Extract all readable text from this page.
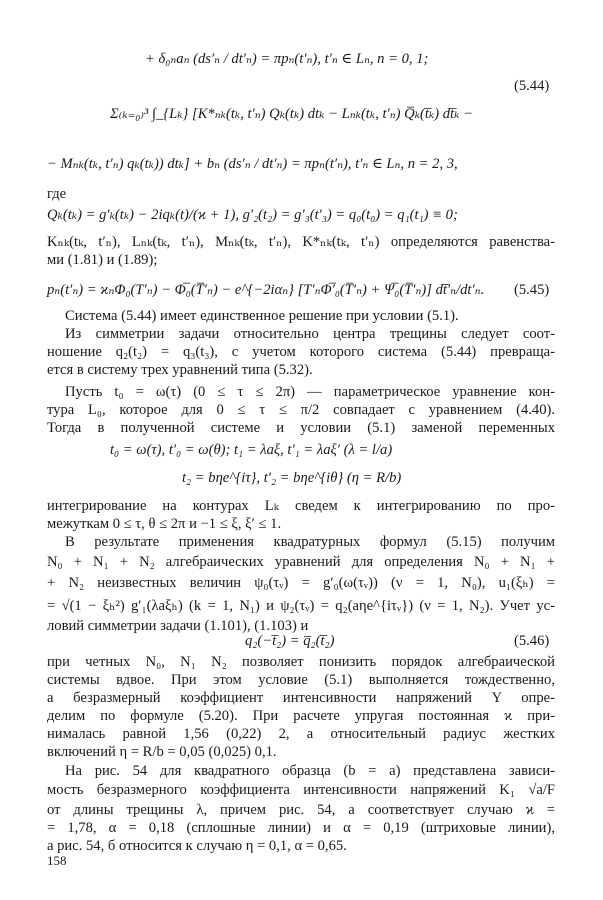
+ δ₀ₙaₙ (ds′ₙ / dt′ₙ) = πpₙ(t′ₙ), t′ₙ ∈ Lₙ, n = 0, 1;
(5.44)
Σ₍ₖ₌₀₎³ ∫_{Lₖ} [K*ₙₖ(tₖ, t′ₙ) Qₖ(tₖ) dtₖ − Lₙₖ(tₖ, t′ₙ) Q̅ₖ(t̅ₖ) dt̅ₖ −
− Mₙₖ(tₖ, t′ₙ) qₖ(tₖ)) dtₖ] + bₙ (ds′ₙ / dt′ₙ) = πpₙ(t′ₙ), t′ₙ ∈ Lₙ, n = 2, 3,
где
Qₖ(tₖ) = g′ₖ(tₖ) − 2iqₖ(t)/(ϰ + 1), g′₂(t₂) = g′₃(t′₃) = q₀(t₀) = q₁(t₁) ≡ 0;
Kₙₖ(tₖ, t′ₙ), Lₙₖ(tₖ, t′ₙ), Mₙₖ(tₖ, t′ₙ), K*ₙₖ(tₖ, t′ₙ) определяются равенства-
ми (1.81) и (1.89);
pₙ(t′ₙ) = ϰₙΦ₀(T′ₙ) − Φ̅₀(T̅′ₙ) − e^{−2iαₙ} [T′ₙΦ̅′₀(T̅′ₙ) + Ψ̅₀(T̅′ₙ)] dt̅′ₙ/dt′ₙ. (5.45)
Система (5.44) имеет единственное решение при условии (5.1).
Из симметрии задачи относительно центра трещины следует соот-
ношение q₂(t₂) = q₃(t₃), с учетом которого система (5.44) превраща-
ется в систему трех уравнений типа (5.32).
Пусть t₀ = ω(τ) (0 ≤ τ ≤ 2π) — параметрическое уравнение кон-
тура L₀, которое для 0 ≤ τ ≤ π/2 совпадает с уравнением (4.40).
Тогда в полученной системе и условии (5.1) заменой переменных
t₀ = ω(τ), t′₀ = ω(θ); t₁ = λaξ, t′₁ = λaξ′ (λ = l/a)
t₂ = bηe^{iτ}, t′₂ = bηe^{iθ} (η = R/b)
интегрирование на контурах Lₖ сведем к интегрированию по про-
межуткам 0 ≤ τ, θ ≤ 2π и −1 ≤ ξ, ξ′ ≤ 1.
В результате применения квадратурных формул (5.15) получим
N₀ + N₁ + N₂ алгебраических уравнений для определения N₀ + N₁ +
+ N₂ неизвестных величин ψ₀(τᵥ) = g′₀(ω(τᵥ)) (ν = 1, N₀), u₁(ξₕ) =
= √(1 − ξₕ²) g′₁(λaξₕ) (k = 1, N₁) и ψ₂(τᵥ) = q₂(aηe^{iτᵥ}) (ν = 1, N₂). Учет ус-
ловий симметрии задачи (1.101), (1.103) и
q₂(−t̅₂) = q̅₂(t̅₂)	(5.46)
при четных N₀, N₁ N₂ позволяет понизить порядок алгебраической
системы вдвое. При этом условие (5.1) выполняется тождественно,
а безразмерный коэффициент интенсивности напряжений Y опре-
делим по формуле (5.20). При расчете упругая постоянная ϰ при-
нималась равной 1,56 (0,22) 2, а относительный радиус жестких
включений η = R/b = 0,05 (0,025) 0,1.
На рис. 54 для квадратного образца (b = a) представлена зависи-
мость безразмерного коэффициента интенсивности напряжений K₁ √a/F
от длины трещины λ, причем рис. 54, а соответствует случаю ϰ =
= 1,78, α = 0,18 (сплошные линии) и α = 0,19 (штриховые линии),
а рис. 54, б относится к случаю η = 0,1, α = 0,65.
158
